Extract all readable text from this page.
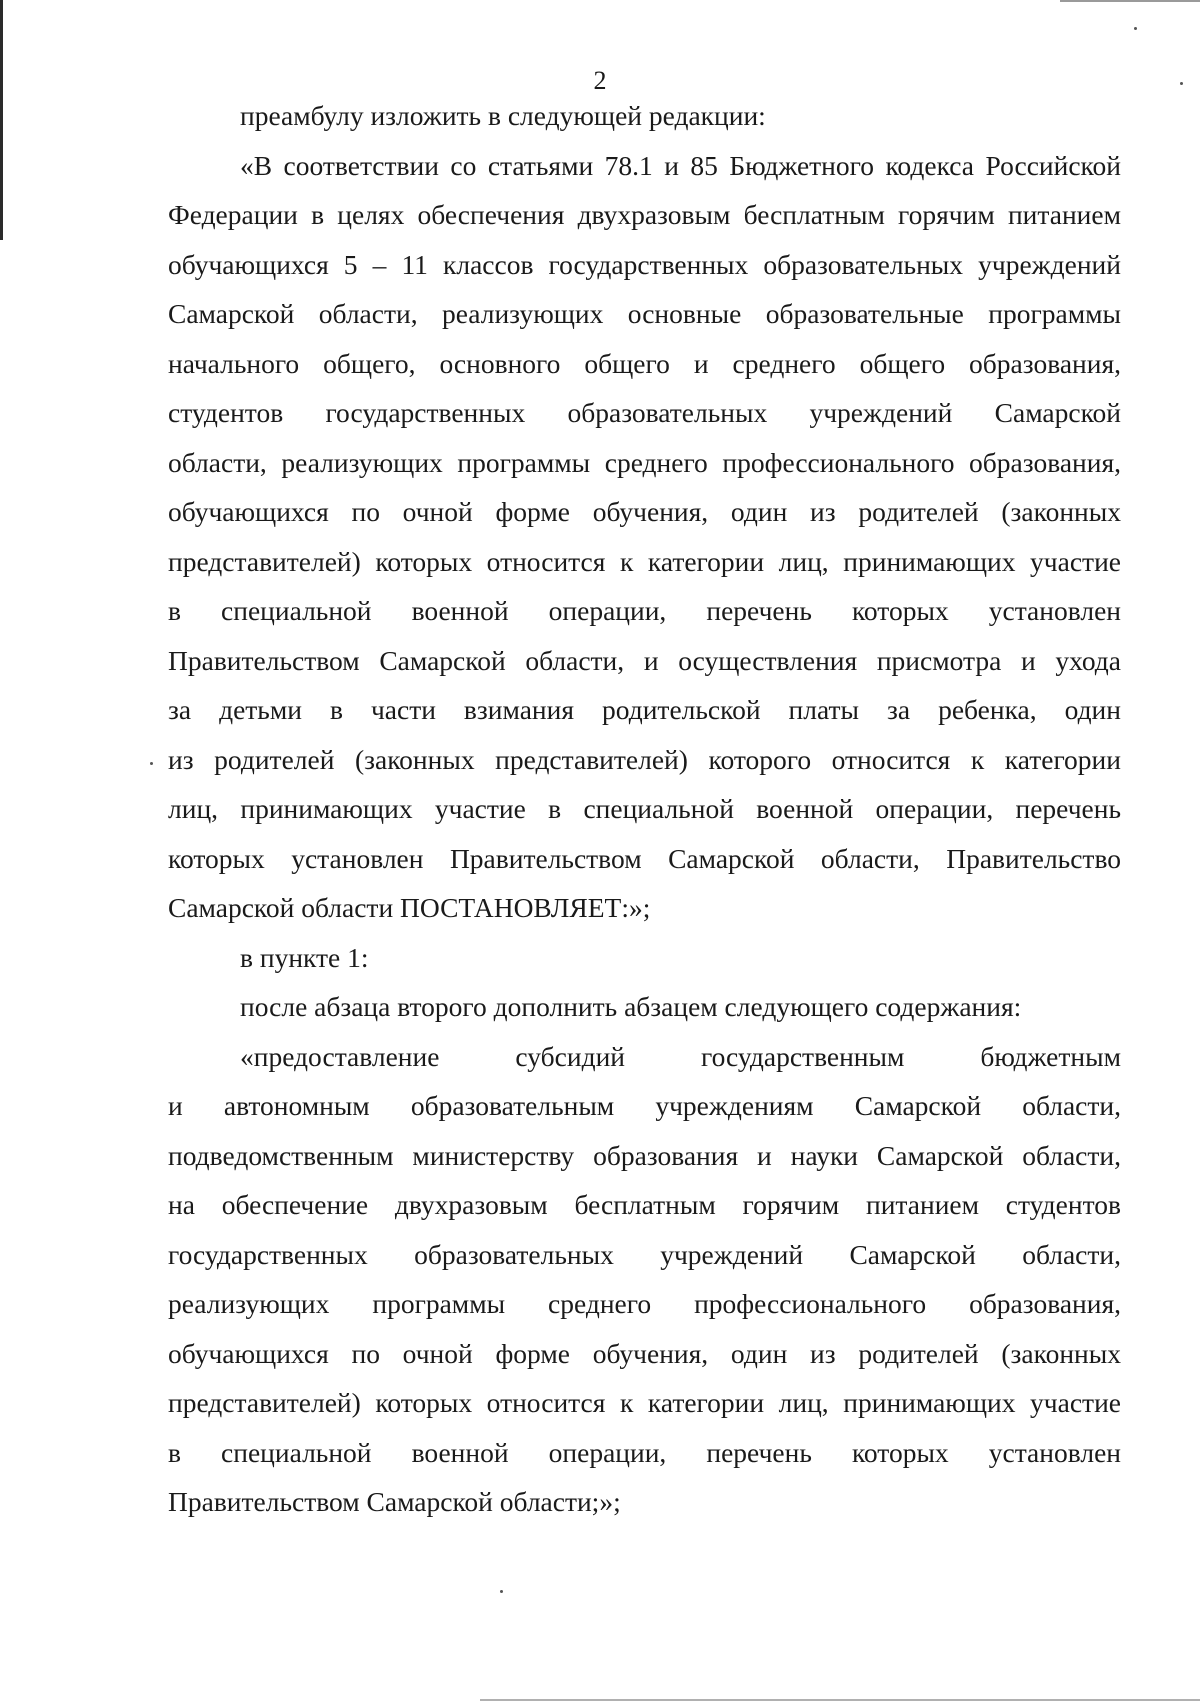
2
преамбулу изложить в следующей редакции:
«В соответствии со статьями 78.1 и 85 Бюджетного кодекса Российской
Федерации в целях обеспечения двухразовым бесплатным горячим питанием
обучающихся 5 – 11 классов государственных образовательных учреждений
Самарской области, реализующих основные образовательные программы
начального общего, основного общего и среднего общего образования,
студентов государственных образовательных учреждений Самарской
области, реализующих программы среднего профессионального образования,
обучающихся по очной форме обучения, один из родителей (законных
представителей) которых относится к категории лиц, принимающих участие
в специальной военной операции, перечень которых установлен
Правительством Самарской области, и осуществления присмотра и ухода
за детьми в части взимания родительской платы за ребенка, один
из родителей (законных представителей) которого относится к категории
лиц, принимающих участие в специальной военной операции, перечень
которых установлен Правительством Самарской области, Правительство
Самарской области ПОСТАНОВЛЯЕТ:»;
в пункте 1:
после абзаца второго дополнить абзацем следующего содержания:
«предоставление субсидий государственным бюджетным
и автономным образовательным учреждениям Самарской области,
подведомственным министерству образования и науки Самарской области,
на обеспечение двухразовым бесплатным горячим питанием студентов
государственных образовательных учреждений Самарской области,
реализующих программы среднего профессионального образования,
обучающихся по очной форме обучения, один из родителей (законных
представителей) которых относится к категории лиц, принимающих участие
в специальной военной операции, перечень которых установлен
Правительством Самарской области;»;
